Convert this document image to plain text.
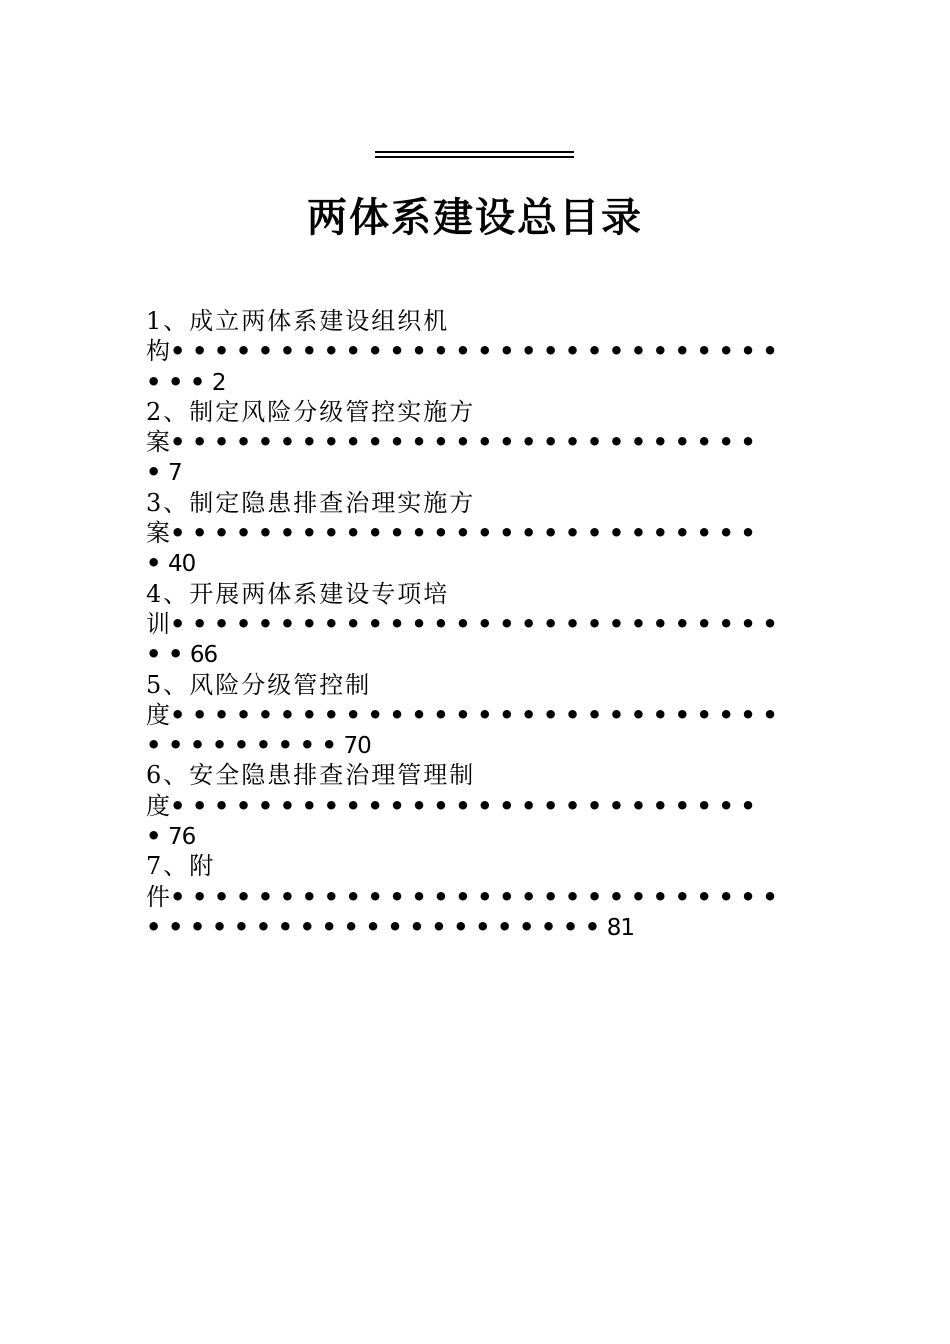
两体系建设总目录
1、成立两体系建设组织机
构••••••••••••••••••••••••••••
•••2
2、制定风险分级管控实施方
案•••••••••••••••••••••••••••
•7
3、制定隐患排查治理实施方
案•••••••••••••••••••••••••••
•40
4、开展两体系建设专项培
训••••••••••••••••••••••••••••
••66
5、风险分级管控制
度••••••••••••••••••••••••••••
•••••••••70
6、安全隐患排查治理管理制
度•••••••••••••••••••••••••••
•76
7、附
件••••••••••••••••••••••••••••
•••••••••••••••••••••81
